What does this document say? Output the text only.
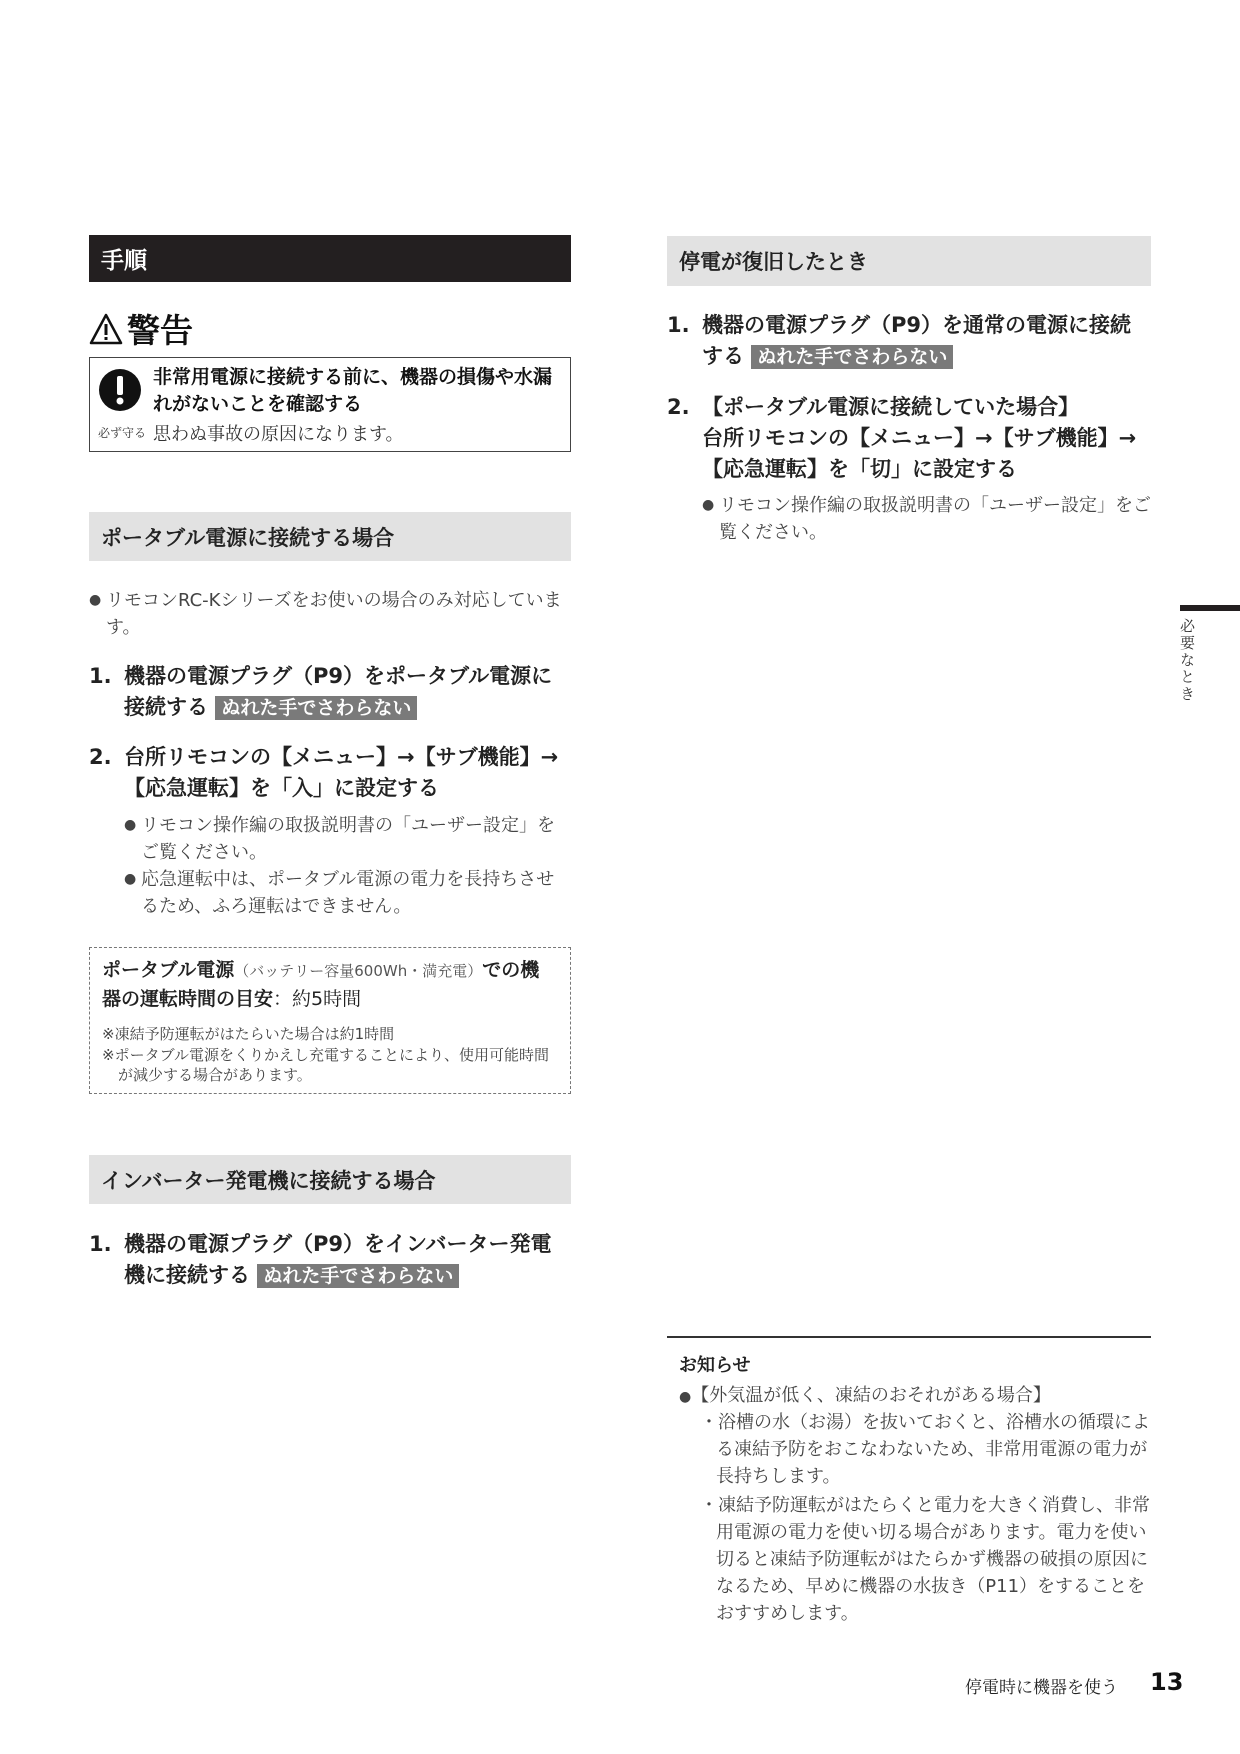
手順
警告
必ず守る
非常用電源に接続する前に、機器の損傷や水漏れがないことを確認する
思わぬ事故の原因になります。
ポータブル電源に接続する場合
● リモコンRC-Kシリーズをお使いの場合のみ対応しています。
1. 機器の電源プラグ（P9）をポータブル電源に接続する ぬれた手でさわらない
2. 台所リモコンの【メニュー】→【サブ機能】→【応急運転】を「入」に設定する
● リモコン操作編の取扱説明書の「ユーザー設定」をご覧ください。
● 応急運転中は、ポータブル電源の電力を長持ちさせるため、ふろ運転はできません。
ポータブル電源（バッテリー容量600Wh・満充電）での機器の運転時間の目安：約5時間
※凍結予防運転がはたらいた場合は約1時間
※ポータブル電源をくりかえし充電することにより、使用可能時間が減少する場合があります。
インバーター発電機に接続する場合
1. 機器の電源プラグ（P9）をインバーター発電機に接続する ぬれた手でさわらない
停電が復旧したとき
1. 機器の電源プラグ（P9）を通常の電源に接続する ぬれた手でさわらない
2. 【ポータブル電源に接続していた場合】
台所リモコンの【メニュー】→【サブ機能】→【応急運転】を「切」に設定する
● リモコン操作編の取扱説明書の「ユーザー設定」をご覧ください。
必要なとき
お知らせ
●【外気温が低く、凍結のおそれがある場合】
・浴槽の水（お湯）を抜いておくと、浴槽水の循環による凍結予防をおこなわないため、非常用電源の電力が長持ちします。
・凍結予防運転がはたらくと電力を大きく消費し、非常用電源の電力を使い切る場合があります。電力を使い切ると凍結予防運転がはたらかず機器の破損の原因になるため、早めに機器の水抜き（P11）をすることをおすすめします。
停電時に機器を使う 13
